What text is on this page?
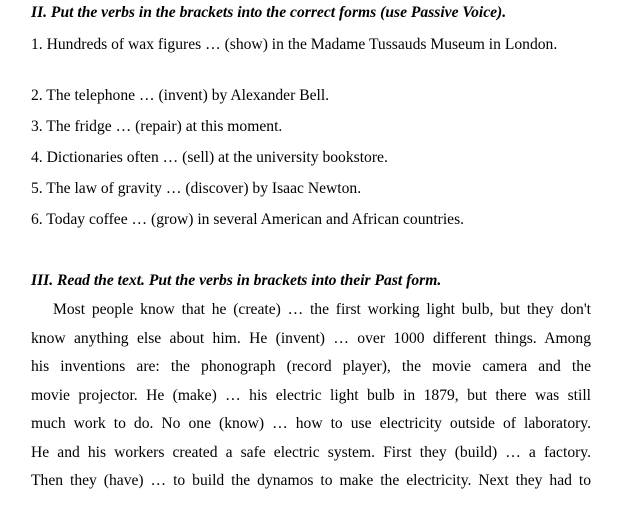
II. Put the verbs in the brackets into the correct forms (use Passive Voice).
1. Hundreds of wax figures … (show) in the Madame Tussauds Museum in London.
2. The telephone … (invent) by Alexander Bell.
3. The fridge … (repair) at this moment.
4. Dictionaries often … (sell) at the university bookstore.
5. The law of gravity … (discover) by Isaac Newton.
6. Today coffee … (grow) in several American and African countries.
III. Read the text. Put the verbs in brackets into their Past form.
Most people know that he (create) … the first working light bulb, but they don't
know anything else about him. He (invent) … over 1000 different things. Among
his inventions are: the phonograph (record player), the movie camera and the
movie projector. He (make) … his electric light bulb in 1879, but there was still
much work to do. No one (know) … how to use electricity outside of laboratory.
He and his workers created a safe electric system. First they (build) … a factory.
Then they (have) … to build the dynamos to make the electricity. Next they had to
